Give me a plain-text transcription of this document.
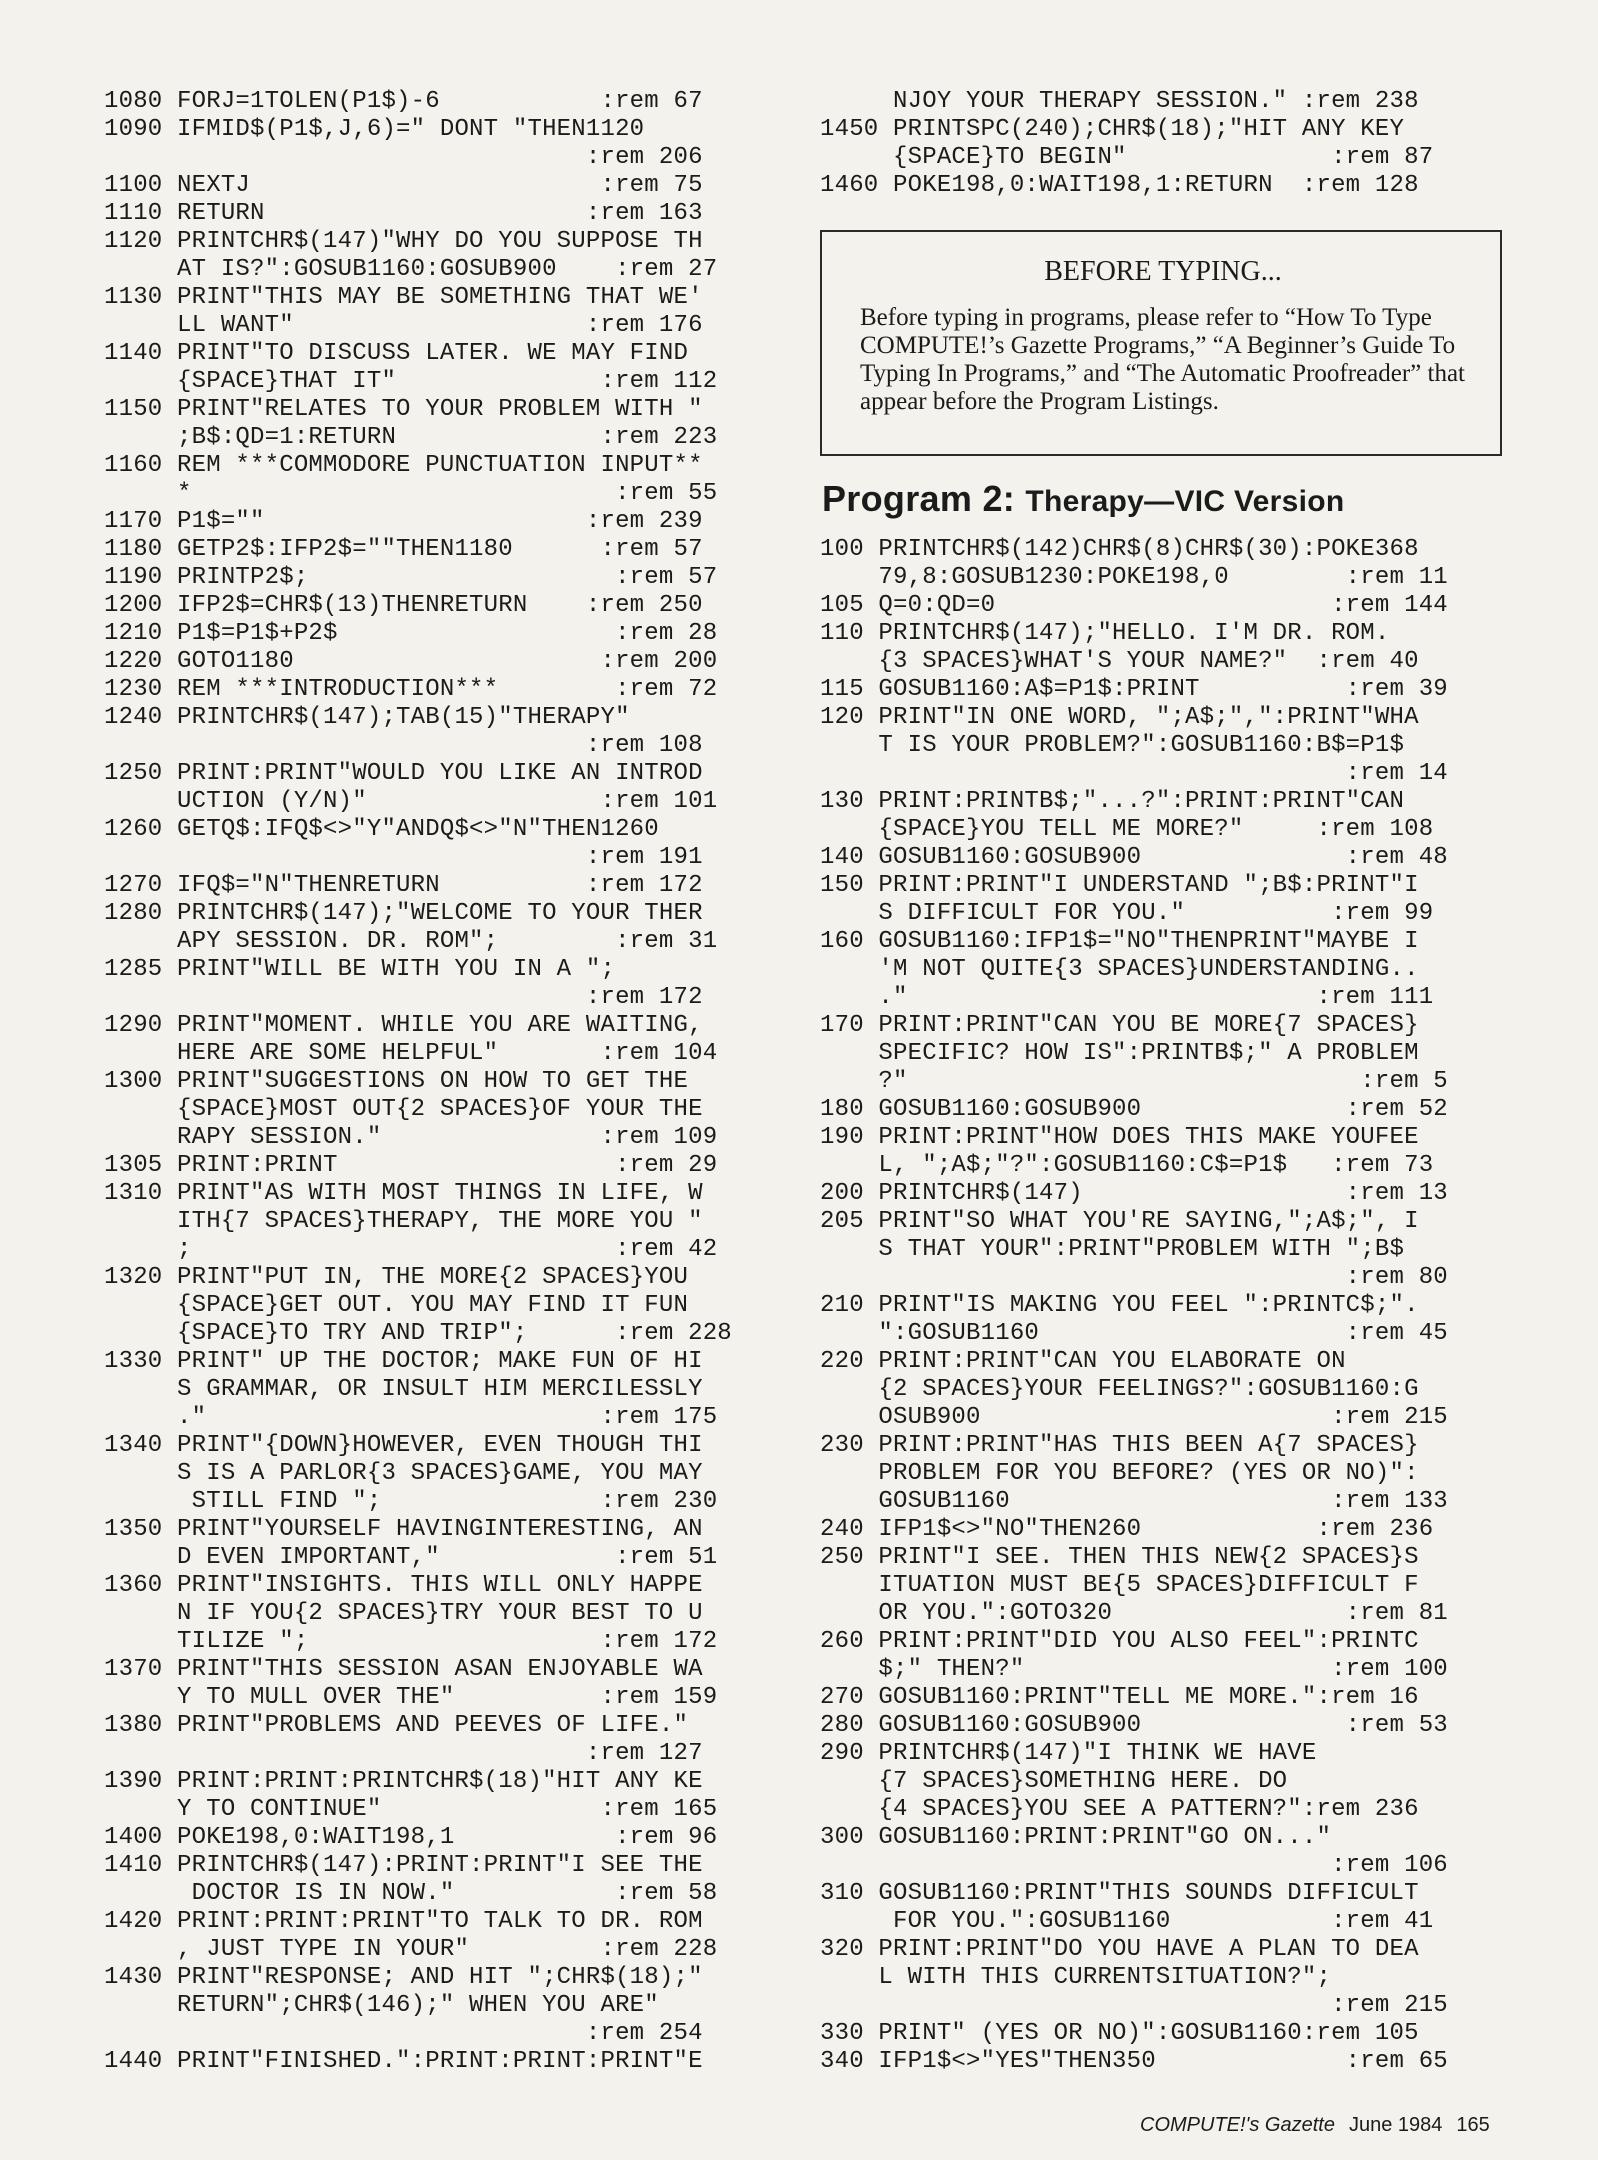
1080 FORJ=1TOLEN(P1$)-6           :rem 67
1090 IFMID$(P1$,J,6)=" DONT "THEN1120
:rem 206
1100 NEXTJ                        :rem 75
1110 RETURN                      :rem 163
1120 PRINTCHR$(147)"WHY DO YOU SUPPOSE TH
AT IS?":GOSUB1160:GOSUB900    :rem 27
1130 PRINT"THIS MAY BE SOMETHING THAT WE'
LL WANT"                    :rem 176
1140 PRINT"TO DISCUSS LATER. WE MAY FIND
{SPACE}THAT IT"              :rem 112
1150 PRINT"RELATES TO YOUR PROBLEM WITH "
;B$:QD=1:RETURN              :rem 223
1160 REM ***COMMODORE PUNCTUATION INPUT**
*                             :rem 55
1170 P1$=""                      :rem 239
1180 GETP2$:IFP2$=""THEN1180      :rem 57
1190 PRINTP2$;                     :rem 57
1200 IFP2$=CHR$(13)THENRETURN    :rem 250
1210 P1$=P1$+P2$                   :rem 28
1220 GOTO1180                     :rem 200
1230 REM ***INTRODUCTION***        :rem 72
1240 PRINTCHR$(147);TAB(15)"THERAPY"
:rem 108
1250 PRINT:PRINT"WOULD YOU LIKE AN INTROD
UCTION (Y/N)"                :rem 101
1260 GETQ$:IFQ$<>"Y"ANDQ$<>"N"THEN1260
:rem 191
1270 IFQ$="N"THENRETURN          :rem 172
1280 PRINTCHR$(147);"WELCOME TO YOUR THER
APY SESSION. DR. ROM";        :rem 31
1285 PRINT"WILL BE WITH YOU IN A ";
:rem 172
1290 PRINT"MOMENT. WHILE YOU ARE WAITING,
HERE ARE SOME HELPFUL"       :rem 104
1300 PRINT"SUGGESTIONS ON HOW TO GET THE
{SPACE}MOST OUT{2 SPACES}OF YOUR THE
RAPY SESSION."               :rem 109
1305 PRINT:PRINT                   :rem 29
1310 PRINT"AS WITH MOST THINGS IN LIFE, W
ITH{7 SPACES}THERAPY, THE MORE YOU "
;                             :rem 42
1320 PRINT"PUT IN, THE MORE{2 SPACES}YOU
{SPACE}GET OUT. YOU MAY FIND IT FUN
{SPACE}TO TRY AND TRIP";      :rem 228
1330 PRINT" UP THE DOCTOR; MAKE FUN OF HI
S GRAMMAR, OR INSULT HIM MERCILESSLY
."                           :rem 175
1340 PRINT"{DOWN}HOWEVER, EVEN THOUGH THI
S IS A PARLOR{3 SPACES}GAME, YOU MAY
STILL FIND ";               :rem 230
1350 PRINT"YOURSELF HAVINGINTERESTING, AN
D EVEN IMPORTANT,"            :rem 51
1360 PRINT"INSIGHTS. THIS WILL ONLY HAPPE
N IF YOU{2 SPACES}TRY YOUR BEST TO U
TILIZE ";                    :rem 172
1370 PRINT"THIS SESSION ASAN ENJOYABLE WA
Y TO MULL OVER THE"          :rem 159
1380 PRINT"PROBLEMS AND PEEVES OF LIFE."
:rem 127
1390 PRINT:PRINT:PRINTCHR$(18)"HIT ANY KE
Y TO CONTINUE"               :rem 165
1400 POKE198,0:WAIT198,1           :rem 96
1410 PRINTCHR$(147):PRINT:PRINT"I SEE THE
DOCTOR IS IN NOW."           :rem 58
1420 PRINT:PRINT:PRINT"TO TALK TO DR. ROM
, JUST TYPE IN YOUR"         :rem 228
1430 PRINT"RESPONSE; AND HIT ";CHR$(18);"
RETURN";CHR$(146);" WHEN YOU ARE"
:rem 254
1440 PRINT"FINISHED.":PRINT:PRINT:PRINT"E
NJOY YOUR THERAPY SESSION." :rem 238
1450 PRINTSPC(240);CHR$(18);"HIT ANY KEY
{SPACE}TO BEGIN"              :rem 87
1460 POKE198,0:WAIT198,1:RETURN  :rem 128
BEFORE TYPING...
Before typing in programs, please refer to “How To Type COMPUTE!’s Gazette Programs,” “A Beginner’s Guide To Typing In Programs,” and “The Automatic Proofreader” that appear before the Program Listings.
Program 2: Therapy—VIC Version
100 PRINTCHR$(142)CHR$(8)CHR$(30):POKE368
79,8:GOSUB1230:POKE198,0        :rem 11
105 Q=0:QD=0                       :rem 144
110 PRINTCHR$(147);"HELLO. I'M DR. ROM.
{3 SPACES}WHAT'S YOUR NAME?"  :rem 40
115 GOSUB1160:A$=P1$:PRINT          :rem 39
120 PRINT"IN ONE WORD, ";A$;",":PRINT"WHA
T IS YOUR PROBLEM?":GOSUB1160:B$=P1$
:rem 14
130 PRINT:PRINTB$;"...?":PRINT:PRINT"CAN
{SPACE}YOU TELL ME MORE?"     :rem 108
140 GOSUB1160:GOSUB900              :rem 48
150 PRINT:PRINT"I UNDERSTAND ";B$:PRINT"I
S DIFFICULT FOR YOU."          :rem 99
160 GOSUB1160:IFP1$="NO"THENPRINT"MAYBE I
'M NOT QUITE{3 SPACES}UNDERSTANDING..
."                            :rem 111
170 PRINT:PRINT"CAN YOU BE MORE{7 SPACES}
SPECIFIC? HOW IS":PRINTB$;" A PROBLEM
?"                               :rem 5
180 GOSUB1160:GOSUB900              :rem 52
190 PRINT:PRINT"HOW DOES THIS MAKE YOUFEE
L, ";A$;"?":GOSUB1160:C$=P1$   :rem 73
200 PRINTCHR$(147)                  :rem 13
205 PRINT"SO WHAT YOU'RE SAYING,";A$;", I
S THAT YOUR":PRINT"PROBLEM WITH ";B$
:rem 80
210 PRINT"IS MAKING YOU FEEL ":PRINTC$;".
":GOSUB1160                     :rem 45
220 PRINT:PRINT"CAN YOU ELABORATE ON
{2 SPACES}YOUR FEELINGS?":GOSUB1160:G
OSUB900                        :rem 215
230 PRINT:PRINT"HAS THIS BEEN A{7 SPACES}
PROBLEM FOR YOU BEFORE? (YES OR NO)":
GOSUB1160                      :rem 133
240 IFP1$<>"NO"THEN260            :rem 236
250 PRINT"I SEE. THEN THIS NEW{2 SPACES}S
ITUATION MUST BE{5 SPACES}DIFFICULT F
OR YOU.":GOTO320                :rem 81
260 PRINT:PRINT"DID YOU ALSO FEEL":PRINTC
$;" THEN?"                     :rem 100
270 GOSUB1160:PRINT"TELL ME MORE.":rem 16
280 GOSUB1160:GOSUB900              :rem 53
290 PRINTCHR$(147)"I THINK WE HAVE
{7 SPACES}SOMETHING HERE. DO
{4 SPACES}YOU SEE A PATTERN?":rem 236
300 GOSUB1160:PRINT:PRINT"GO ON..."
:rem 106
310 GOSUB1160:PRINT"THIS SOUNDS DIFFICULT
FOR YOU.":GOSUB1160           :rem 41
320 PRINT:PRINT"DO YOU HAVE A PLAN TO DEA
L WITH THIS CURRENTSITUATION?";
:rem 215
330 PRINT" (YES OR NO)":GOSUB1160:rem 105
340 IFP1$<>"YES"THEN350             :rem 65
COMPUTE!'s Gazette June 1984 165
